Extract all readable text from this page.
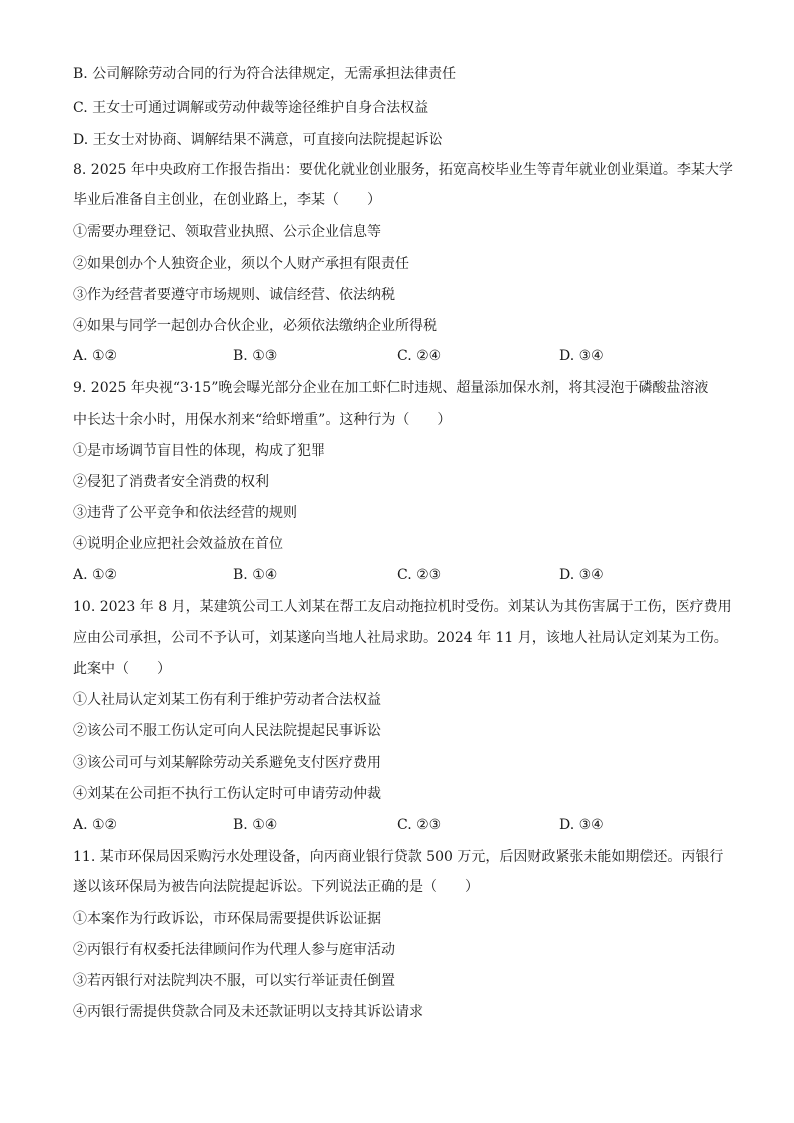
B. 公司解除劳动合同的行为符合法律规定，无需承担法律责任
C. 王女士可通过调解或劳动仲裁等途径维护自身合法权益
D. 王女士对协商、调解结果不满意，可直接向法院提起诉讼
8. 2025 年中央政府工作报告指出：要优化就业创业服务，拓宽高校毕业生等青年就业创业渠道。李某大学
毕业后准备自主创业，在创业路上，李某（　　）
①需要办理登记、领取营业执照、公示企业信息等
②如果创办个人独资企业，须以个人财产承担有限责任
③作为经营者要遵守市场规则、诚信经营、依法纳税
④如果与同学一起创办合伙企业，必须依法缴纳企业所得税
A. ①②	B. ①③	C. ②④	D. ③④
9. 2025 年央视“3·15”晚会曝光部分企业在加工虾仁时违规、超量添加保水剂，将其浸泡于磷酸盐溶液
中长达十余小时，用保水剂来“给虾增重”。这种行为（　　）
①是市场调节盲目性的体现，构成了犯罪
②侵犯了消费者安全消费的权利
③违背了公平竞争和依法经营的规则
④说明企业应把社会效益放在首位
A. ①②	B. ①④	C. ②③	D. ③④
10. 2023 年 8 月，某建筑公司工人刘某在帮工友启动拖拉机时受伤。刘某认为其伤害属于工伤，医疗费用
应由公司承担，公司不予认可，刘某遂向当地人社局求助。2024 年 11 月，该地人社局认定刘某为工伤。
此案中（　　）
①人社局认定刘某工伤有利于维护劳动者合法权益
②该公司不服工伤认定可向人民法院提起民事诉讼
③该公司可与刘某解除劳动关系避免支付医疗费用
④刘某在公司拒不执行工伤认定时可申请劳动仲裁
A. ①②	B. ①④	C. ②③	D. ③④
11. 某市环保局因采购污水处理设备，向丙商业银行贷款 500 万元，后因财政紧张未能如期偿还。丙银行
遂以该环保局为被告向法院提起诉讼。下列说法正确的是（　　）
①本案作为行政诉讼，市环保局需要提供诉讼证据
②丙银行有权委托法律顾问作为代理人参与庭审活动
③若丙银行对法院判决不服，可以实行举证责任倒置
④丙银行需提供贷款合同及未还款证明以支持其诉讼请求
